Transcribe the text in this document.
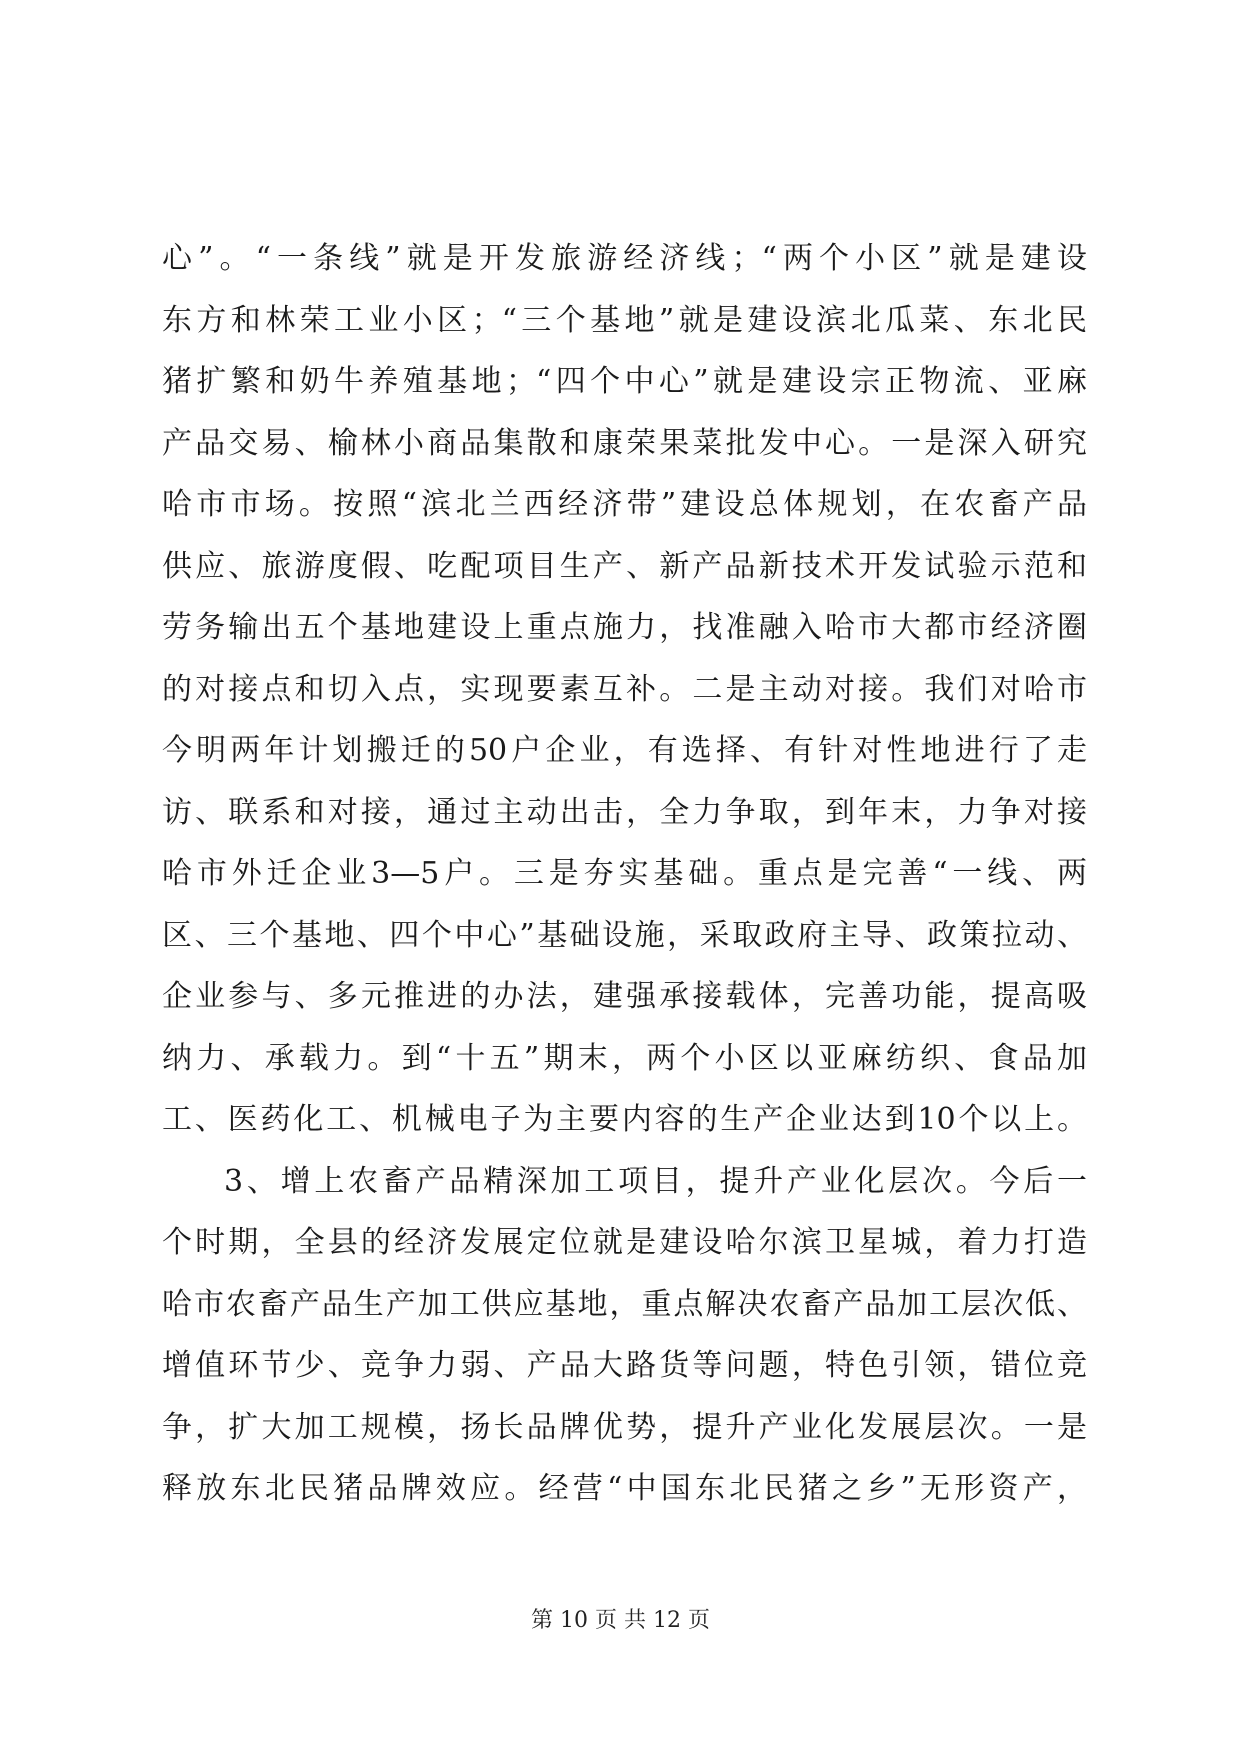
心”。“一条线”就是开发旅游经济线；“两个小区”就是建设
东方和林荣工业小区；“三个基地”就是建设滨北瓜菜、东北民
猪扩繁和奶牛养殖基地；“四个中心”就是建设宗正物流、亚麻
产品交易、榆林小商品集散和康荣果菜批发中心。一是深入研究
哈市市场。按照“滨北兰西经济带”建设总体规划，在农畜产品
供应、旅游度假、吃配项目生产、新产品新技术开发试验示范和
劳务输出五个基地建设上重点施力，找准融入哈市大都市经济圈
的对接点和切入点，实现要素互补。二是主动对接。我们对哈市
今明两年计划搬迁的50户企业，有选择、有针对性地进行了走
访、联系和对接，通过主动出击，全力争取，到年末，力争对接
哈市外迁企业3—5户。三是夯实基础。重点是完善“一线、两
区、三个基地、四个中心”基础设施，采取政府主导、政策拉动、
企业参与、多元推进的办法，建强承接载体，完善功能，提高吸
纳力、承载力。到“十五”期末，两个小区以亚麻纺织、食品加
工、医药化工、机械电子为主要内容的生产企业达到10个以上。
3、增上农畜产品精深加工项目，提升产业化层次。今后一
个时期，全县的经济发展定位就是建设哈尔滨卫星城，着力打造
哈市农畜产品生产加工供应基地，重点解决农畜产品加工层次低、
增值环节少、竞争力弱、产品大路货等问题，特色引领，错位竞
争，扩大加工规模，扬长品牌优势，提升产业化发展层次。一是
释放东北民猪品牌效应。经营“中国东北民猪之乡”无形资产，
第 10 页 共 12 页
